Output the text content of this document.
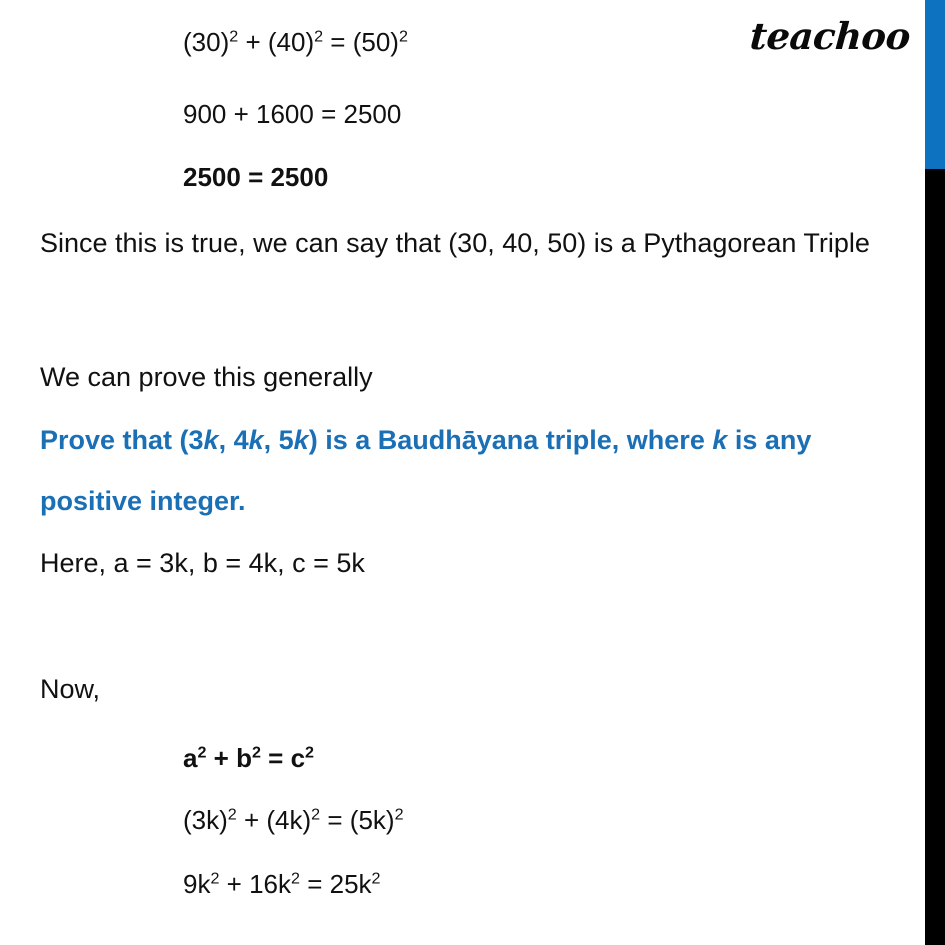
teachoo
$(30)^2 + (40)^2 = (50)^2$
900 + 1600 = 2500
2500 = 2500
Since this is true, we can say that (30, 40, 50) is a Pythagorean Triple
We can prove this generally
Prove that (3k, 4k, 5k) is a Baudhāyana triple, where k is any
positive integer.
Here, a = 3k, b = 4k, c = 5k
Now,
$a^2 + b^2 = c^2$
$(3k)^2 + (4k)^2 = (5k)^2$
$9k^2 + 16k^2 = 25k^2$
